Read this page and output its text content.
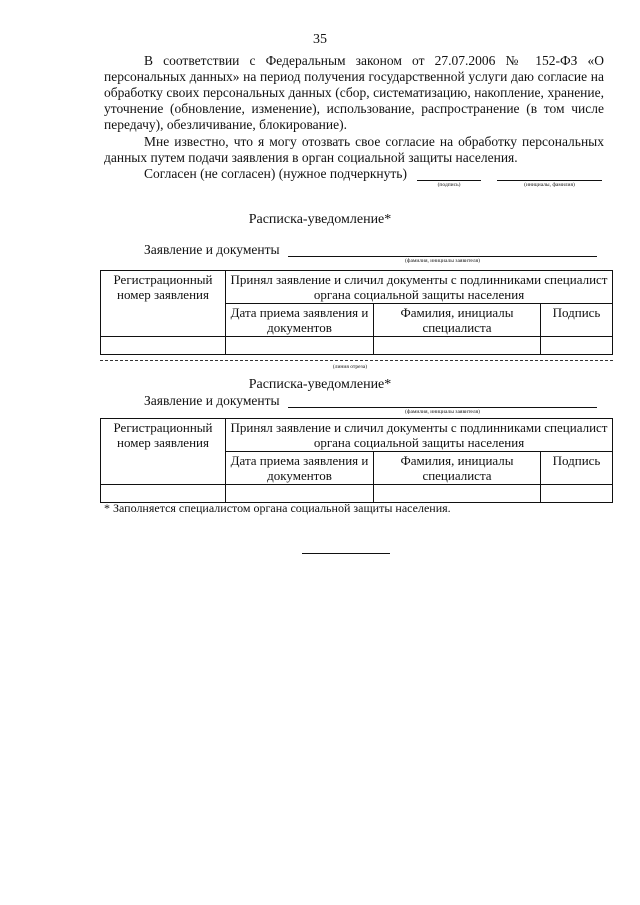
35

В соответствии с Федеральным законом от 27.07.2006 № 152-ФЗ «О персональных данных» на период получения государственной услуги даю согласие на обработку своих персональных данных (сбор, систематизацию, накопление, хранение, уточнение (обновление, изменение), использование, распространение (в том числе передачу), обезличивание, блокирование).

Мне известно, что я могу отозвать свое согласие на обработку персональных данных путем подачи заявления в орган социальной защиты населения.

Согласен (не согласен) (нужное подчеркнуть)
(подпись)	(инициалы, фамилия)
Расписка-уведомление*
Заявление и документы
(фамилия, инициалы заявителя)
Регистрационный номер заявления	Принял заявление и сличил документы с подлинниками специалист органа социальной защиты населения		
	Дата приема заявления и документов	Фамилия, инициалы специалиста	Подпись

(линия отреза)
Расписка-уведомление*
Заявление и документы
(фамилия, инициалы заявителя)
Регистрационный номер заявления	Принял заявление и сличил документы с подлинниками специалист органа социальной защиты населения		
	Дата приема заявления и документов	Фамилия, инициалы специалиста	Подпись

* Заполняется специалистом органа социальной защиты населения.
